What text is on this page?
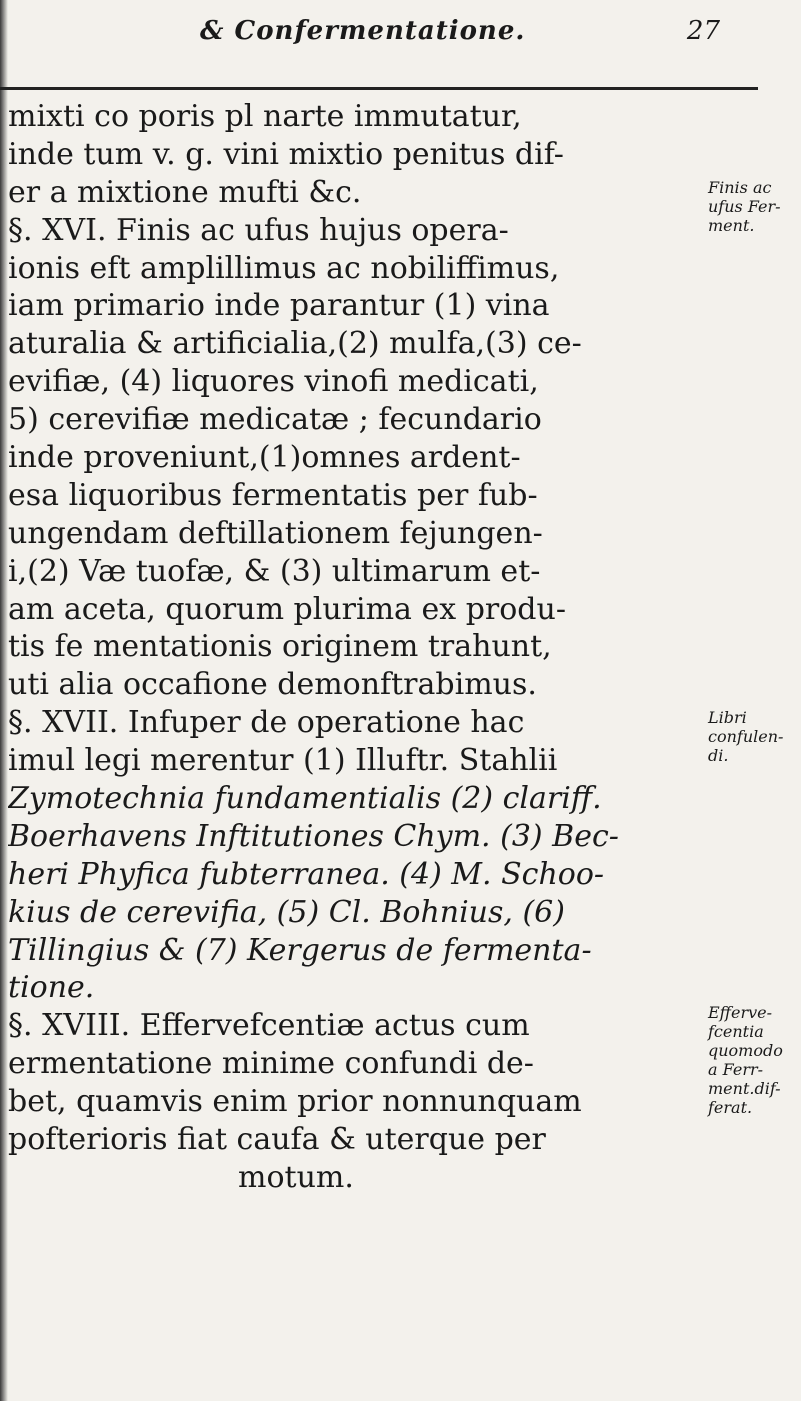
& Confermentatione.	27
mixti co poris pl narte immutatur,
inde tum v. g. vini mixtio penitus dif-
er a mixtione mufti &c.
§. XVI. Finis ac ufus hujus opera-
ionis eft amplillimus ac nobiliffimus,
iam primario inde parantur (1) vina
aturalia & artificialia,(2) mulfa,(3) ce-
evifiæ, (4) liquores vinofi medicati,
5) cerevifiæ medicatæ ; fecundario
inde proveniunt,(1)omnes ardent-
esa liquoribus fermentatis per fub-
ungendam deftillationem fejungen-
i,(2) Væ tuofæ, & (3) ultimarum et-
am aceta, quorum plurima ex produ-
tis fe mentationis originem trahunt,
uti alia occafione demonftrabimus.
§. XVII. Infuper de operatione hac
imul legi merentur (1) Illuftr. Stahlii
Zymotechnia fundamentialis (2) clariff.
Boerhavens Inftitutiones Chym. (3) Bec-
heri Phyfica fubterranea. (4) M. Schoo-
kius de cerevifia, (5) Cl. Bohnius, (6)
Tillingius & (7) Kergerus de fermenta-
tione.
§. XVIII. Effervefcentiæ actus cum
ermentatione minime confundi de-
bet, quamvis enim prior nonnunquam
pofterioris fiat caufa & uterque per
motum.
Finis ac
ufus Fer-
ment.
Libri
confulen-
di.
Efferve-
fcentia
quomodo
a Ferr-
ment.dif-
ferat.
